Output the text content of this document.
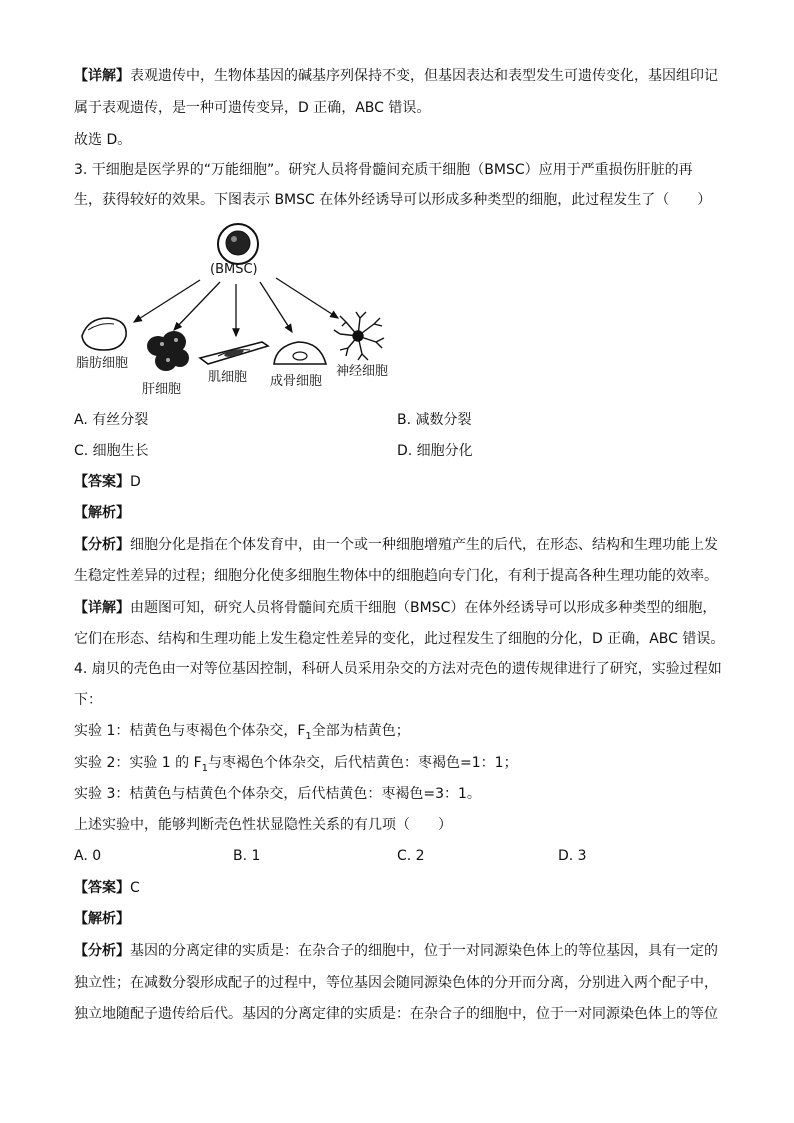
【详解】表观遗传中，生物体基因的碱基序列保持不变，但基因表达和表型发生可遗传变化，基因组印记
属于表观遗传，是一种可遗传变异，D 正确，ABC 错误。
故选 D。
3. 干细胞是医学界的“万能细胞”。研究人员将骨髓间充质干细胞（BMSC）应用于严重损伤肝脏的再
生，获得较好的效果。下图表示 BMSC 在体外经诱导可以形成多种类型的细胞，此过程发生了（　　）
(BMSC)
脂肪细胞
肝细胞
肌细胞 成骨细胞
神经细胞
A. 有丝分裂	B. 减数分裂
C. 细胞生长	D. 细胞分化
【答案】D
【解析】
【分析】细胞分化是指在个体发育中，由一个或一种细胞增殖产生的后代，在形态、结构和生理功能上发
生稳定性差异的过程；细胞分化使多细胞生物体中的细胞趋向专门化，有利于提高各种生理功能的效率。
【详解】由题图可知，研究人员将骨髓间充质干细胞（BMSC）在体外经诱导可以形成多种类型的细胞，
它们在形态、结构和生理功能上发生稳定性差异的变化，此过程发生了细胞的分化，D 正确，ABC 错误。
4. 扇贝的壳色由一对等位基因控制，科研人员采用杂交的方法对壳色的遗传规律进行了研究，实验过程如
下：
实验 1：桔黄色与枣褐色个体杂交，$F_1$全部为桔黄色；
实验 2：实验 1 的 $F_1$与枣褐色个体杂交，后代桔黄色：枣褐色=1：1；
实验 3：桔黄色与桔黄色个体杂交，后代桔黄色：枣褐色=3：1。
上述实验中，能够判断壳色性状显隐性关系的有几项（　　）
A. 0	B. 1	C. 2	D. 3
【答案】C
【解析】
【分析】基因的分离定律的实质是：在杂合子的细胞中，位于一对同源染色体上的等位基因，具有一定的
独立性；在减数分裂形成配子的过程中，等位基因会随同源染色体的分开而分离，分别进入两个配子中，
独立地随配子遗传给后代。基因的分离定律的实质是：在杂合子的细胞中，位于一对同源染色体上的等位
